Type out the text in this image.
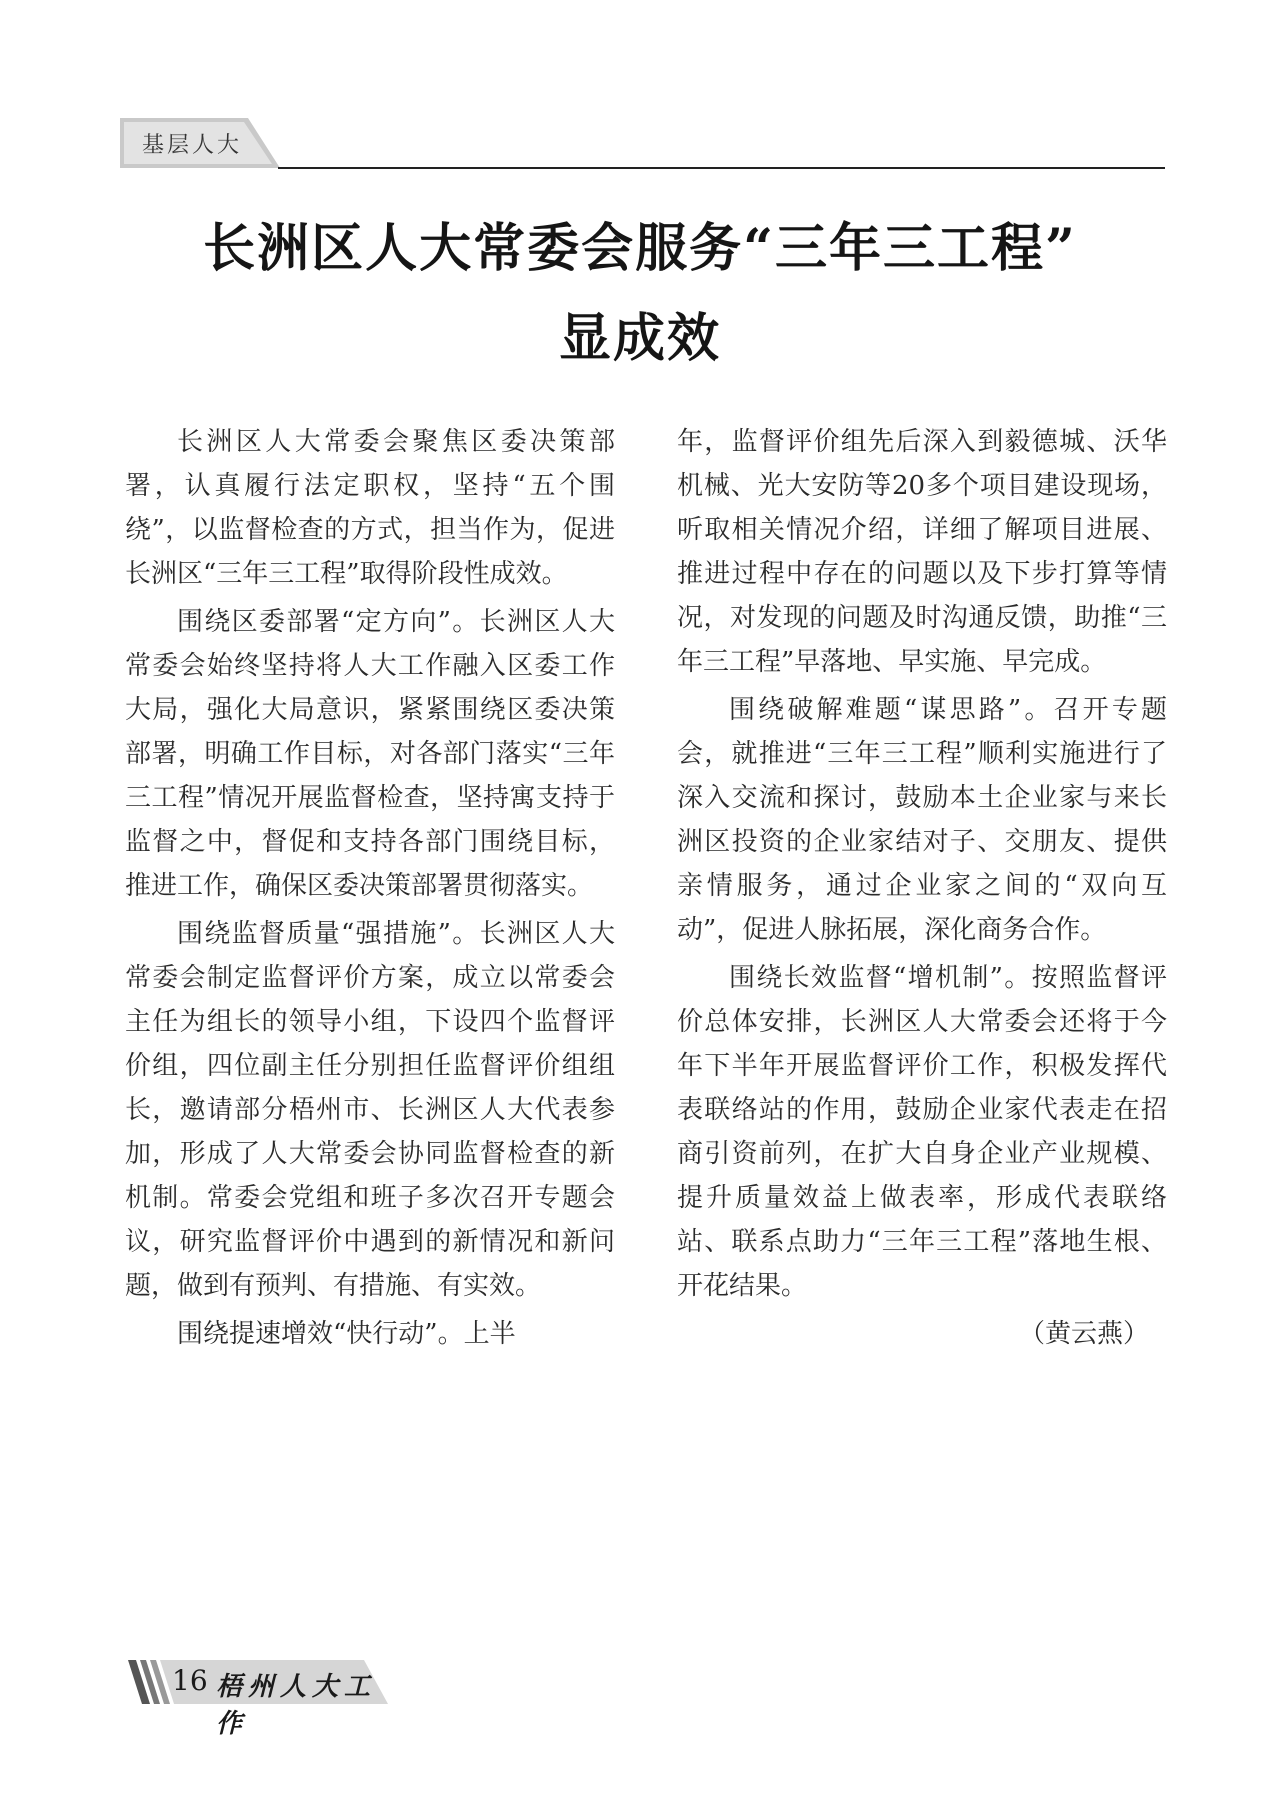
基层人大
长洲区人大常委会服务“三年三工程”
显成效

长洲区人大常委会聚焦区委决策部署，认真履行法定职权，坚持“五个围绕”，以监督检查的方式，担当作为，促进长洲区“三年三工程”取得阶段性成效。

围绕区委部署“定方向”。长洲区人大常委会始终坚持将人大工作融入区委工作大局，强化大局意识，紧紧围绕区委决策部署，明确工作目标，对各部门落实“三年三工程”情况开展监督检查，坚持寓支持于监督之中，督促和支持各部门围绕目标，推进工作，确保区委决策部署贯彻落实。

围绕监督质量“强措施”。长洲区人大常委会制定监督评价方案，成立以常委会主任为组长的领导小组，下设四个监督评价组，四位副主任分别担任监督评价组组长，邀请部分梧州市、长洲区人大代表参加，形成了人大常委会协同监督检查的新机制。常委会党组和班子多次召开专题会议，研究监督评价中遇到的新情况和新问题，做到有预判、有措施、有实效。

围绕提速增效“快行动”。上半

年，监督评价组先后深入到毅德城、沃华机械、光大安防等20多个项目建设现场，听取相关情况介绍，详细了解项目进展、推进过程中存在的问题以及下步打算等情况，对发现的问题及时沟通反馈，助推“三年三工程”早落地、早实施、早完成。

围绕破解难题“谋思路”。召开专题会，就推进“三年三工程”顺利实施进行了深入交流和探讨，鼓励本土企业家与来长洲区投资的企业家结对子、交朋友、提供亲情服务，通过企业家之间的“双向互动”，促进人脉拓展，深化商务合作。

围绕长效监督“增机制”。按照监督评价总体安排，长洲区人大常委会还将于今年下半年开展监督评价工作，积极发挥代表联络站的作用，鼓励企业家代表走在招商引资前列，在扩大自身企业产业规模、提升质量效益上做表率，形成代表联络站、联系点助力“三年三工程”落地生根、开花结果。

（黄云燕）
16 梧州人大工作
